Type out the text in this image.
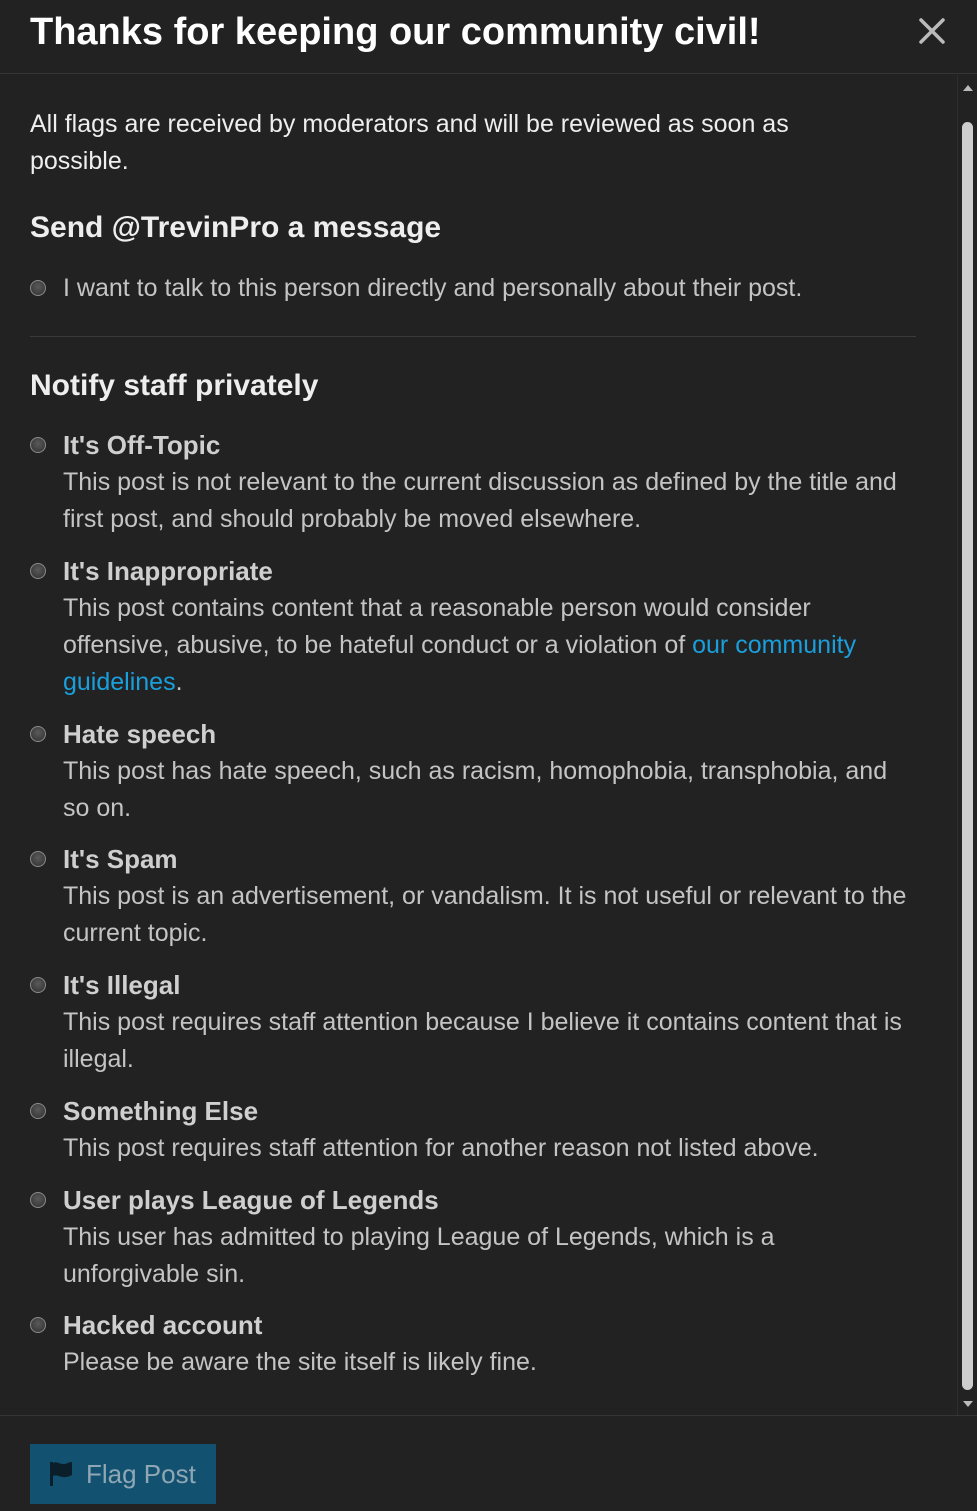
Thanks for keeping our community civil!

All flags are received by moderators and will be reviewed as soon as possible.

Send @TrevinPro a message
I want to talk to this person directly and personally about their post.
Notify staff privately
It's Off-Topic
This post is not relevant to the current discussion as defined by the title and first post, and should probably be moved elsewhere.
It's Inappropriate
This post contains content that a reasonable person would consider offensive, abusive, to be hateful conduct or a violation of our community guidelines.
Hate speech
This post has hate speech, such as racism, homophobia, transphobia, and so on.
It's Spam
This post is an advertisement, or vandalism. It is not useful or relevant to the current topic.
It's Illegal
This post requires staff attention because I believe it contains content that is illegal.
Something Else
This post requires staff attention for another reason not listed above.
User plays League of Legends
This user has admitted to playing League of Legends, which is a unforgivable sin.
Hacked account
Please be aware the site itself is likely fine.
Flag Post
